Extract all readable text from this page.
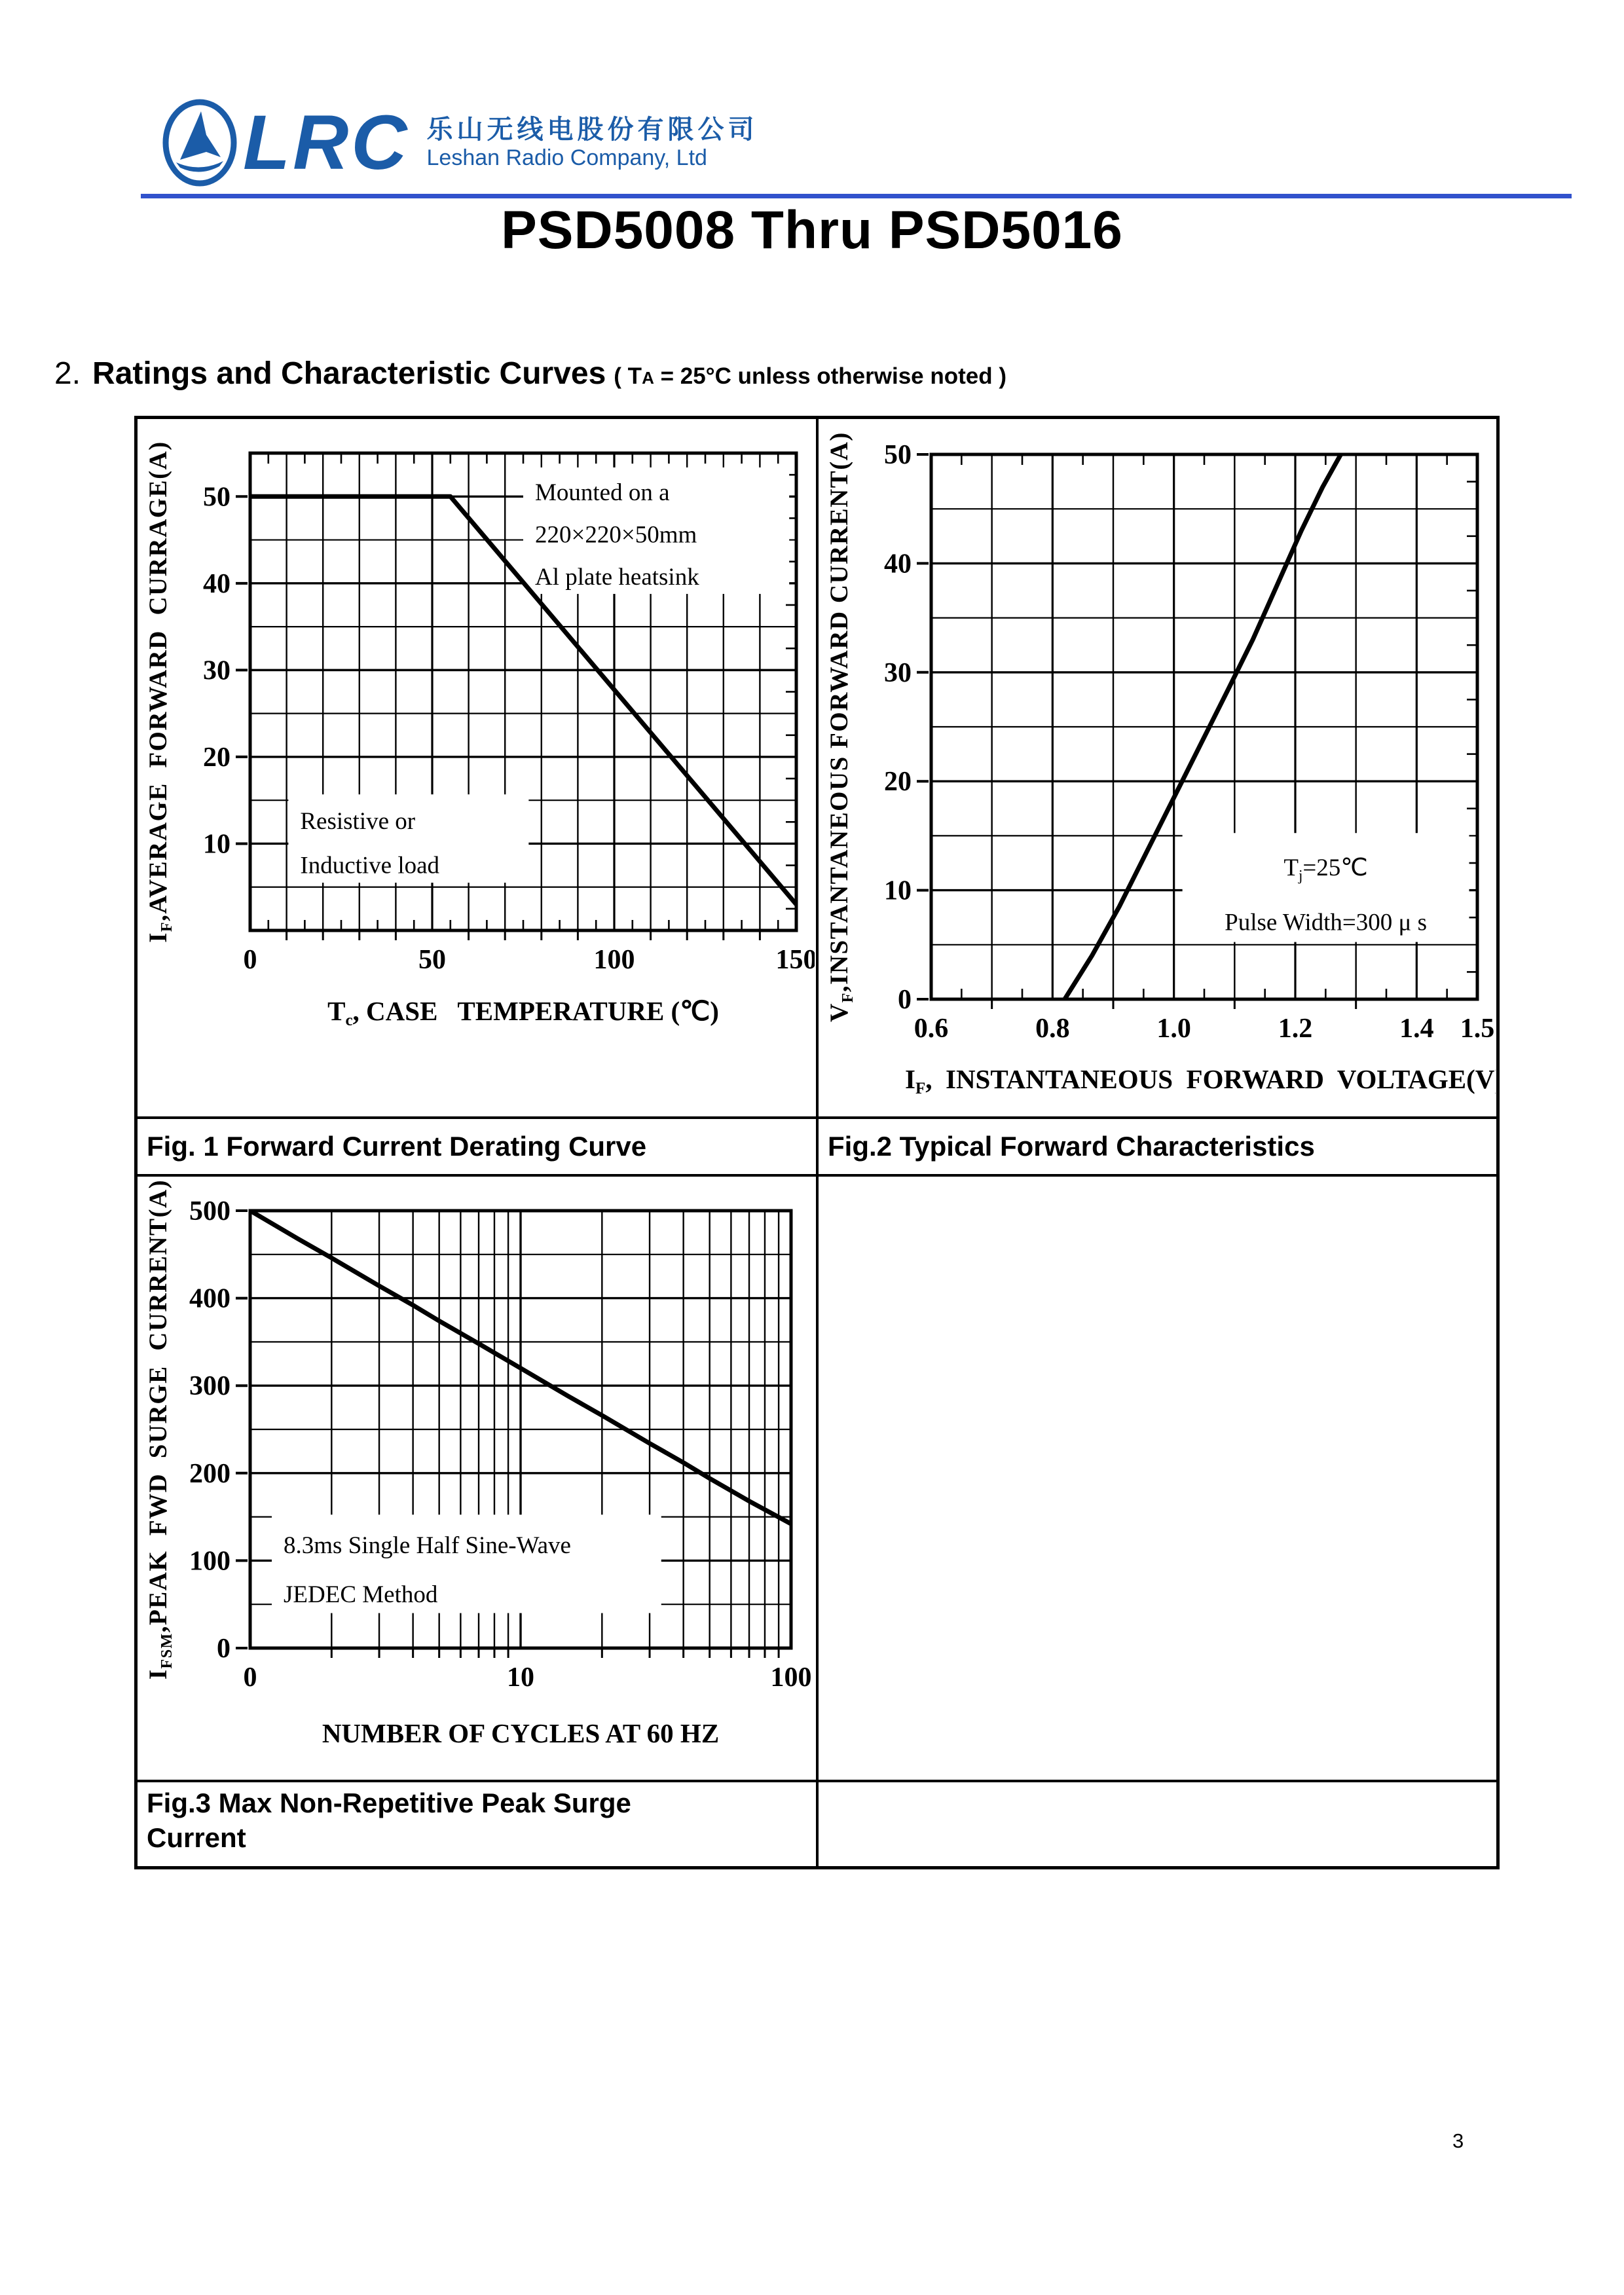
LRC 乐山无线电股份有限公司
Leshan Radio Company, Ltd
PSD5008 Thru PSD5016
2. Ratings and Characteristic Curves ( TA = 25°C unless otherwise noted )
Mounted on a
220×220×50mm
Al plate heatsink
Resistive or
Inductive load
10
20
30
40
50
0	50	100	150
$T_c$, CASE   TEMPERATURE (℃)
$I_F,AVERAGE$  FORWARD  CURRAGE(A)	$T_j=25℃$
Pulse Width=300 μ s
0
10
20
30
40
50
0.6	0.8	1.0	1.2	1.4 1.5
$I_F$,  INSTANTANEOUS  FORWARD  VOLTAGE(V)
$V_F,INSTANTANEOUS$ FORWARD CURRENT(A)
Fig. 1 Forward Current Derating Curve	Fig.2 Typical Forward Characteristics
8.3ms Single Half Sine-Wave
JEDEC Method
0
100
200
300
400
500
0	10	100
NUMBER OF CYCLES AT 60 HZ
$I_{FSM},PEAK$  FWD  SURGE  CURRENT(A)
Fig.3 Max Non-Repetitive Peak Surge Current
3
